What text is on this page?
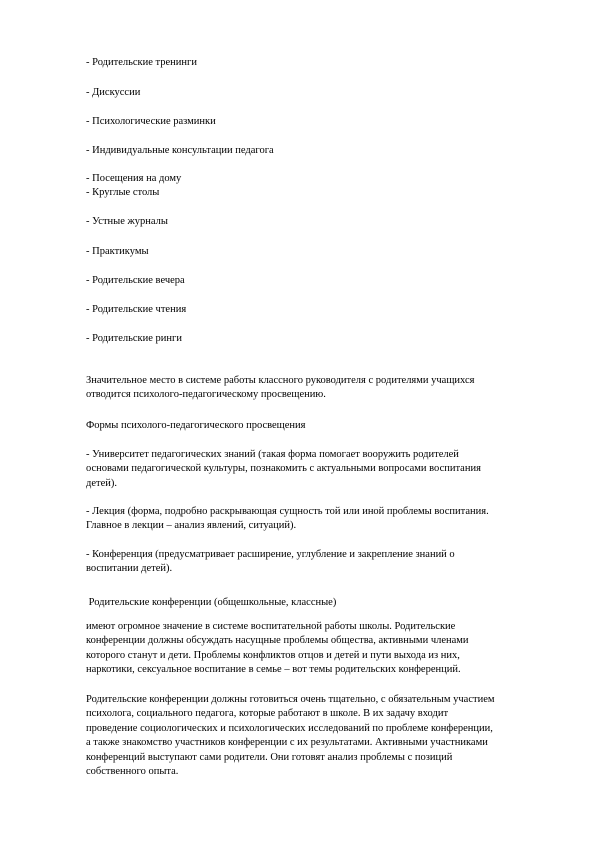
- Родительские тренинги

- Дискуссии

- Психологические разминки

- Индивидуальные консультации педагога

- Посещения на дому

- Круглые столы

- Устные журналы

- Практикумы

- Родительские вечера

- Родительские чтения

- Родительские ринги

Значительное место в системе работы классного руководителя с родителями учащихся
отводится психолого-педагогическому просвещению.

Формы психолого-педагогического просвещения

- Университет педагогических знаний (такая форма помогает вооружить родителей
основами педагогической культуры, познакомить с актуальными вопросами воспитания
детей).
- Лекция (форма, подробно раскрывающая сущность той или иной проблемы воспитания.
Главное в лекции – анализ явлений, ситуаций).
- Конференция (предусматривает расширение, углубление и закрепление знаний о
воспитании детей).

Родительские конференции (общешкольные, классные)

имеют огромное значение в системе воспитательной работы школы. Родительские
конференции должны обсуждать насущные проблемы общества, активными членами
которого станут и дети. Проблемы конфликтов отцов и детей и пути выхода из них,
наркотики, сексуальное воспитание в семье – вот темы родительских конференций.
Родительские конференции должны готовиться очень тщательно, с обязательным участием
психолога, социального педагога, которые работают в школе. В их задачу входит
проведение социологических и психологических исследований по проблеме конференции,
а также знакомство участников конференции с их результатами. Активными участниками
конференций выступают сами родители. Они готовят анализ проблемы с позиций
собственного опыта.
